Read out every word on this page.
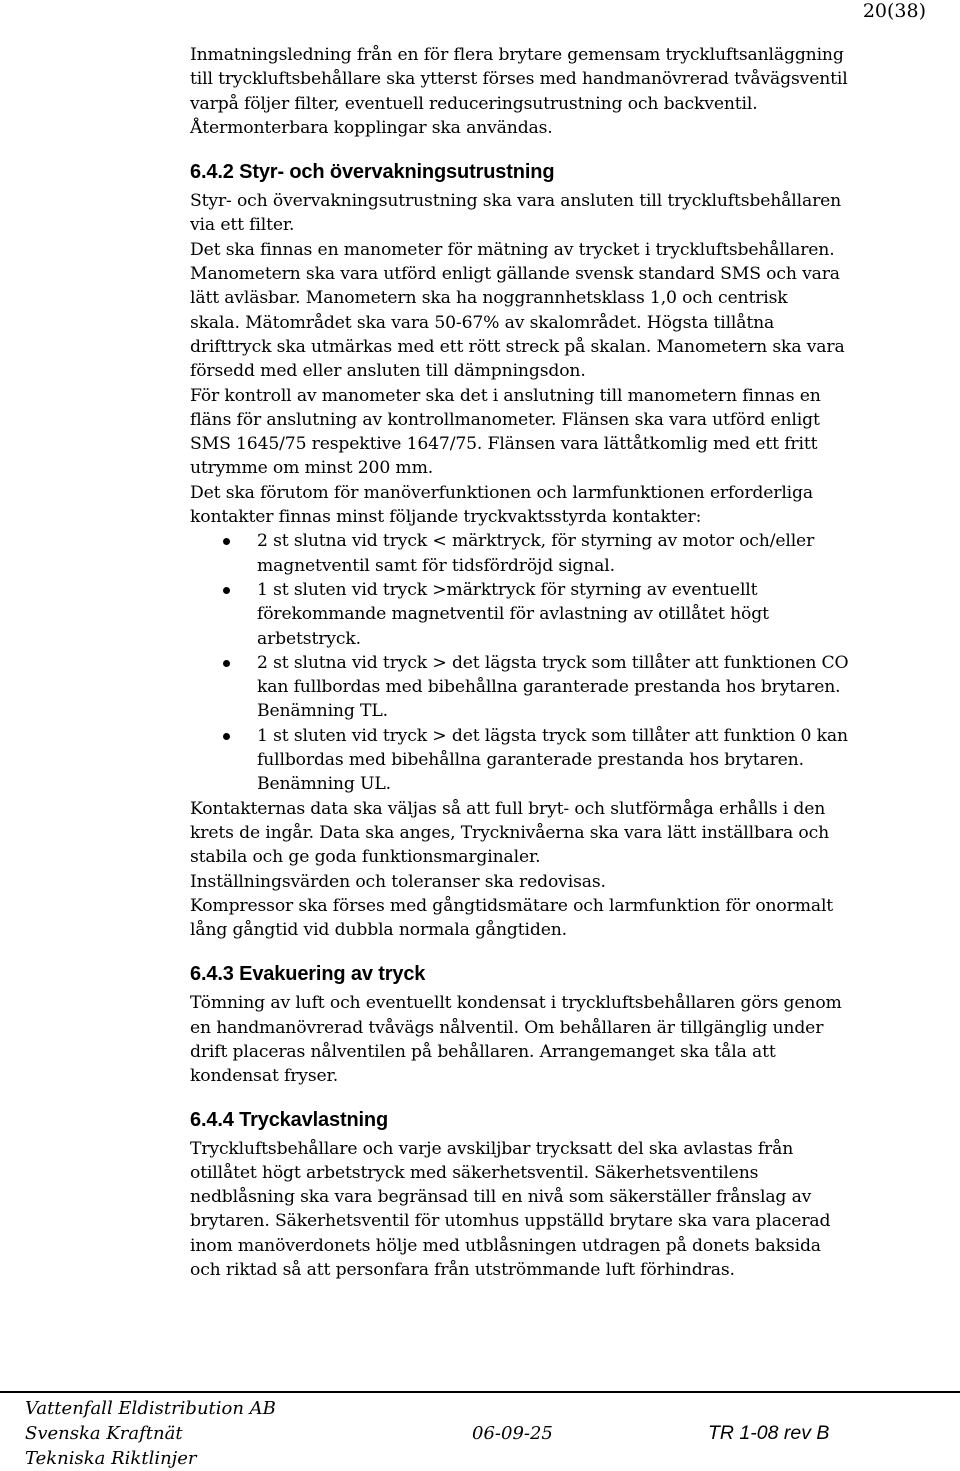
20(38)

Inmatningsledning från en för flera brytare gemensam tryckluftsanläggning

till tryckluftsbehållare ska ytterst förses med handmanövrerad tvåvägsventil

varpå följer filter, eventuell reduceringsutrustning och backventil.

Återmonterbara kopplingar ska användas.

6.4.2 Styr- och övervakningsutrustning

Styr- och övervakningsutrustning ska vara ansluten till tryckluftsbehållaren

via ett filter.

Det ska finnas en manometer för mätning av trycket i tryckluftsbehållaren.

Manometern ska vara utförd enligt gällande svensk standard SMS och vara

lätt avläsbar. Manometern ska ha noggrannhetsklass 1,0 och centrisk

skala. Mätområdet ska vara 50-67% av skalområdet. Högsta tillåtna

drifttryck ska utmärkas med ett rött streck på skalan. Manometern ska vara

försedd med eller ansluten till dämpningsdon.

För kontroll av manometer ska det i anslutning till manometern finnas en

fläns för anslutning av kontrollmanometer. Flänsen ska vara utförd enligt

SMS 1645/75 respektive 1647/75. Flänsen vara lättåtkomlig med ett fritt

utrymme om minst 200 mm.

Det ska förutom för manöverfunktionen och larmfunktionen erforderliga

kontakter finnas minst följande tryckvaktsstyrda kontakter:

2 st slutna vid tryck < märktryck, för styrning av motor och/eller

magnetventil samt för tidsfördröjd signal.

1 st sluten vid tryck >märktryck för styrning av eventuellt

förekommande magnetventil för avlastning av otillåtet högt

arbetstryck.

2 st slutna vid tryck > det lägsta tryck som tillåter att funktionen CO

kan fullbordas med bibehållna garanterade prestanda hos brytaren.

Benämning TL.

1 st sluten vid tryck > det lägsta tryck som tillåter att funktion 0 kan

fullbordas med bibehållna garanterade prestanda hos brytaren.

Benämning UL.

Kontakternas data ska väljas så att full bryt- och slutförmåga erhålls i den

krets de ingår. Data ska anges, Trycknivåerna ska vara lätt inställbara och

stabila och ge goda funktionsmarginaler.

Inställningsvärden och toleranser ska redovisas.

Kompressor ska förses med gångtidsmätare och larmfunktion för onormalt

lång gångtid vid dubbla normala gångtiden.

6.4.3 Evakuering av tryck

Tömning av luft och eventuellt kondensat i tryckluftsbehållaren görs genom

en handmanövrerad tvåvägs nålventil. Om behållaren är tillgänglig under

drift placeras nålventilen på behållaren. Arrangemanget ska tåla att

kondensat fryser.

6.4.4 Tryckavlastning

Tryckluftsbehållare och varje avskiljbar trycksatt del ska avlastas från

otillåtet högt arbetstryck med säkerhetsventil. Säkerhetsventilens

nedblåsning ska vara begränsad till en nivå som säkerställer frånslag av

brytaren. Säkerhetsventil för utomhus uppställd brytare ska vara placerad

inom manöverdonets hölje med utblåsningen utdragen på donets baksida

och riktad så att personfara från utströmmande luft förhindras.

Vattenfall Eldistribution AB
Svenska Kraftnät	06-09-25	TR 1-08 rev B
Tekniska Riktlinjer
